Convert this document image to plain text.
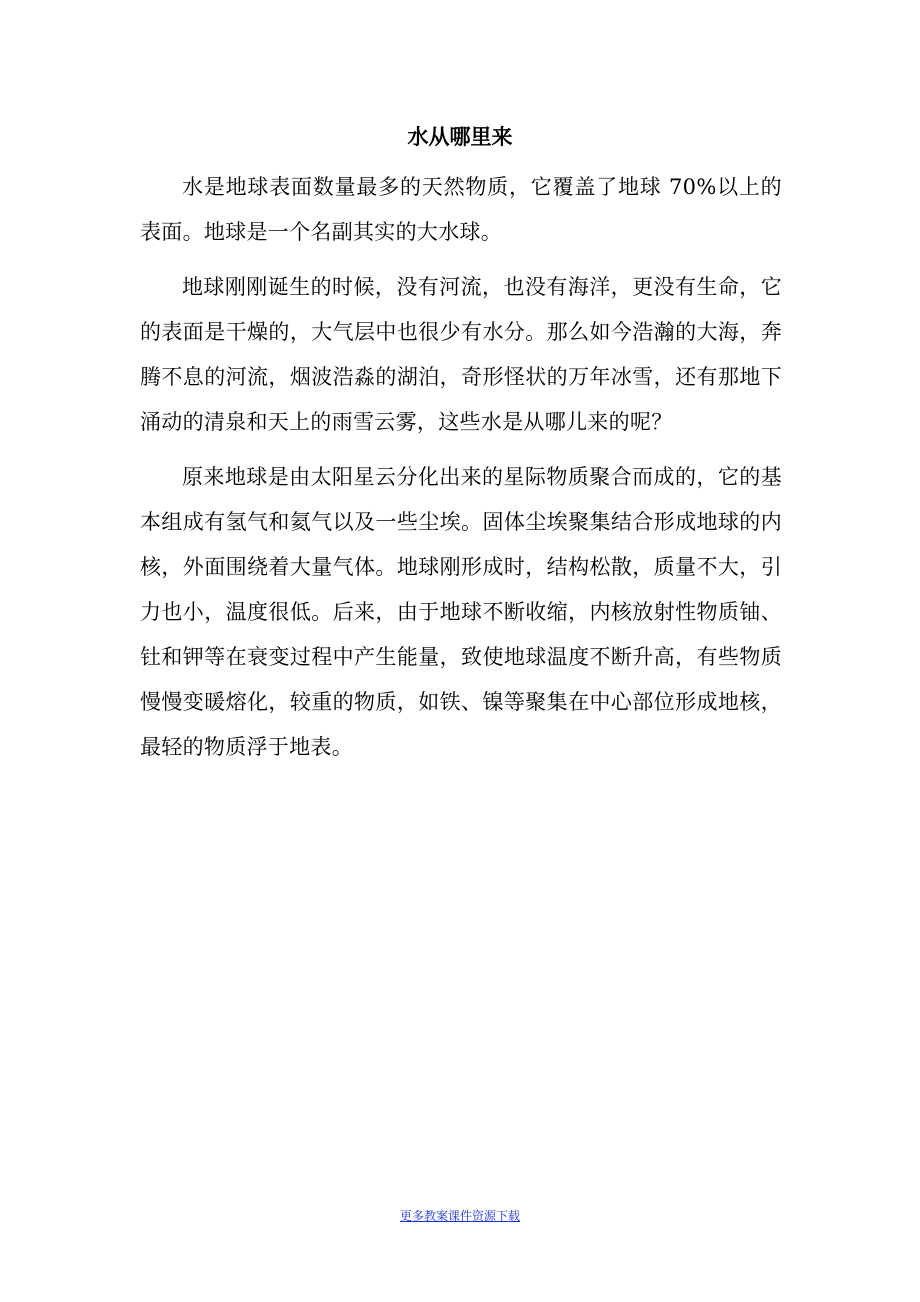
水从哪里来

水是地球表面数量最多的天然物质，它覆盖了地球 70%以上的表面。地球是一个名副其实的大水球。

地球刚刚诞生的时候，没有河流，也没有海洋，更没有生命，它的表面是干燥的，大气层中也很少有水分。那么如今浩瀚的大海，奔腾不息的河流，烟波浩淼的湖泊，奇形怪状的万年冰雪，还有那地下涌动的清泉和天上的雨雪云雾，这些水是从哪儿来的呢？

原来地球是由太阳星云分化出来的星际物质聚合而成的，它的基本组成有氢气和氦气以及一些尘埃。固体尘埃聚集结合形成地球的内核，外面围绕着大量气体。地球刚形成时，结构松散，质量不大，引力也小，温度很低。后来，由于地球不断收缩，内核放射性物质铀、钍和钾等在衰变过程中产生能量，致使地球温度不断升高，有些物质慢慢变暖熔化，较重的物质，如铁、镍等聚集在中心部位形成地核，最轻的物质浮于地表。

更多教案课件资源下载
